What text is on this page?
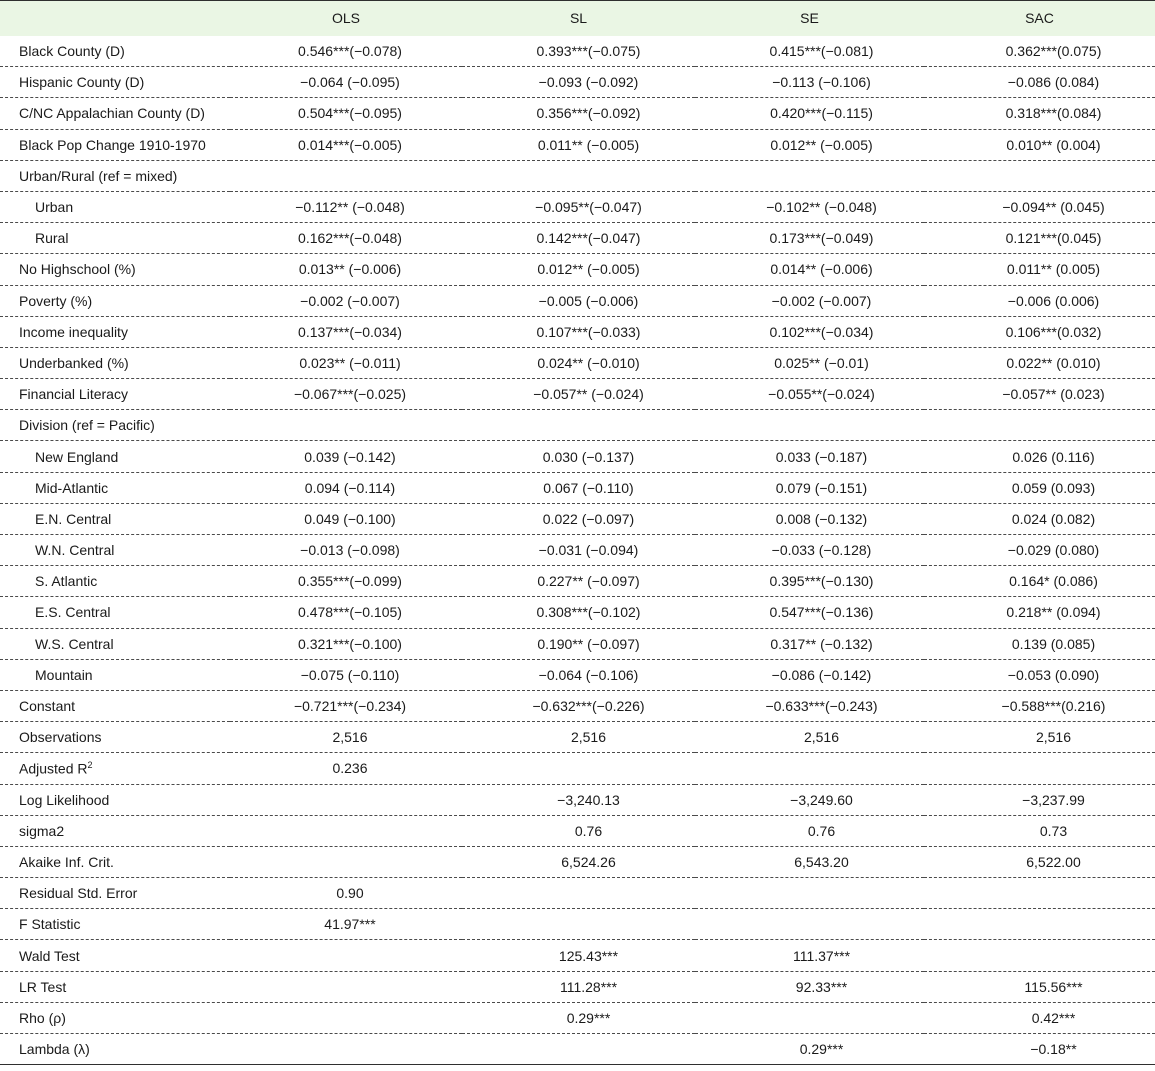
	OLS	SL	SE	SAC
Black County (D)	0.546***(−0.078)	0.393***(−0.075)	0.415***(−0.081)	0.362***(0.075)
Hispanic County (D)	−0.064 (−0.095)	−0.093 (−0.092)	−0.113 (−0.106)	−0.086 (0.084)
C/NC Appalachian County (D)	0.504***(−0.095)	0.356***(−0.092)	0.420***(−0.115)	0.318***(0.084)
Black Pop Change 1910-1970	0.014***(−0.005)	0.011** (−0.005)	0.012** (−0.005)	0.010** (0.004)
Urban/Rural (ref = mixed)				
Urban	−0.112** (−0.048)	−0.095**(−0.047)	−0.102** (−0.048)	−0.094** (0.045)
Rural	0.162***(−0.048)	0.142***(−0.047)	0.173***(−0.049)	0.121***(0.045)
No Highschool (%)	0.013** (−0.006)	0.012** (−0.005)	0.014** (−0.006)	0.011** (0.005)
Poverty (%)	−0.002 (−0.007)	−0.005 (−0.006)	−0.002 (−0.007)	−0.006 (0.006)
Income inequality	0.137***(−0.034)	0.107***(−0.033)	0.102***(−0.034)	0.106***(0.032)
Underbanked (%)	0.023** (−0.011)	0.024** (−0.010)	0.025** (−0.01)	0.022** (0.010)
Financial Literacy	−0.067***(−0.025)	−0.057** (−0.024)	−0.055**(−0.024)	−0.057** (0.023)
Division (ref = Pacific)				
New England	0.039 (−0.142)	0.030 (−0.137)	0.033 (−0.187)	0.026 (0.116)
Mid-Atlantic	0.094 (−0.114)	0.067 (−0.110)	0.079 (−0.151)	0.059 (0.093)
E.N. Central	0.049 (−0.100)	0.022 (−0.097)	0.008 (−0.132)	0.024 (0.082)
W.N. Central	−0.013 (−0.098)	−0.031 (−0.094)	−0.033 (−0.128)	−0.029 (0.080)
S. Atlantic	0.355***(−0.099)	0.227** (−0.097)	0.395***(−0.130)	0.164* (0.086)
E.S. Central	0.478***(−0.105)	0.308***(−0.102)	0.547***(−0.136)	0.218** (0.094)
W.S. Central	0.321***(−0.100)	0.190** (−0.097)	0.317** (−0.132)	0.139 (0.085)
Mountain	−0.075 (−0.110)	−0.064 (−0.106)	−0.086 (−0.142)	−0.053 (0.090)
Constant	−0.721***(−0.234)	−0.632***(−0.226)	−0.633***(−0.243)	−0.588***(0.216)
Observations	2,516	2,516	2,516	2,516
Adjusted $R^2$	0.236			
Log Likelihood		−3,240.13	−3,249.60	−3,237.99
sigma2		0.76	0.76	0.73
Akaike Inf. Crit.		6,524.26	6,543.20	6,522.00
Residual Std. Error	0.90			
F Statistic	41.97***			
Wald Test		125.43***	111.37***	
LR Test		111.28***	92.33***	115.56***
Rho (ρ)		0.29***		0.42***
Lambda (λ)			0.29***	−0.18**
